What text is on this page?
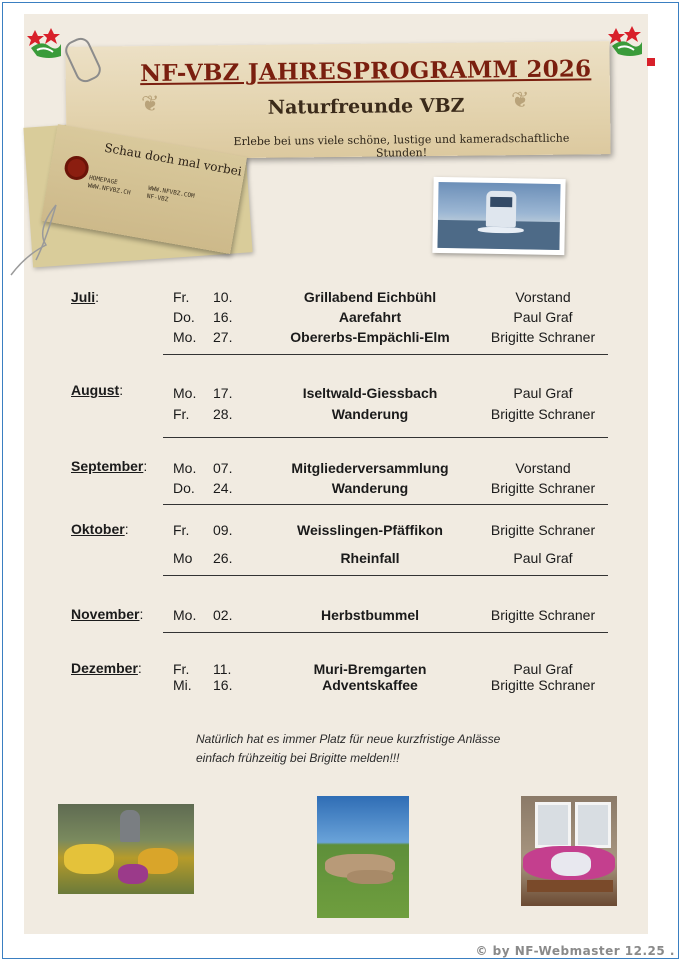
NF-VBZ JAHRESPROGRAMM 2026
Naturfreunde VBZ
Erlebe bei uns viele schöne, lustige und kameradschaftliche Stunden!
❦	❦
Schau doch mal vorbei
HOMEPAGE
WWW.NFVBZ.CH	WWW.NFVBZ.COM
NF-VBZ
Juli:	Fr. 10.	Grillabend Eichbühl	Vorstand
Do. 16.	Aarefahrt	Paul Graf
Mo. 27.	Obererbs-Empächli-Elm	Brigitte Schraner
August:	Mo. 17.	Iseltwald-Giessbach	Paul Graf
Fr. 28.	Wanderung	Brigitte Schraner
September: Mo. 07.	Mitgliederversammlung	Vorstand
Do. 24.	Wanderung	Brigitte Schraner
Oktober:	Fr. 09.	Weisslingen-Pfäffikon	Brigitte Schraner
Mo 26.	Rheinfall	Paul Graf
November: Mo. 02.	Herbstbummel	Brigitte Schraner
Dezember: Fr. 11.	Muri-Bremgarten	Paul Graf
Mi. 16.	Adventskaffee	Brigitte Schraner
Natürlich hat es immer Platz für neue kurzfristige Anlässe
einfach frühzeitig bei Brigitte melden!!!
© by NF-Webmaster 12.25 .
